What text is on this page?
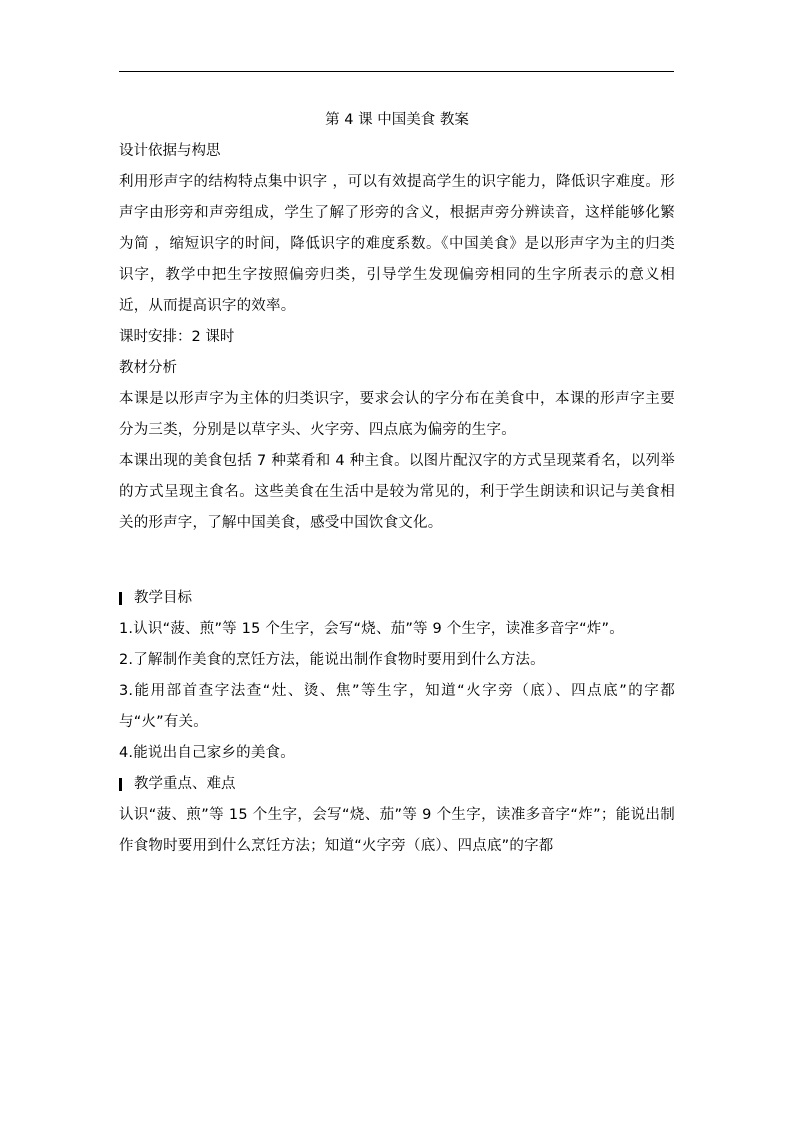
第 4 课 中国美食 教案

设计依据与构思

利用形声字的结构特点集中识字 ，可以有效提高学生的识字能力，降低识字难度。形声字由形旁和声旁组成，学生了解了形旁的含义，根据声旁分辨读音，这样能够化繁为简 ，缩短识字的时间，降低识字的难度系数。《中国美食》是以形声字为主的归类识字，教学中把生字按照偏旁归类，引导学生发现偏旁相同的生字所表示的意义相近，从而提高识字的效率。

课时安排：2 课时

教材分析

本课是以形声字为主体的归类识字，要求会认的字分布在美食中，本课的形声字主要分为三类，分别是以草字头、火字旁、四点底为偏旁的生字。

本课出现的美食包括 7 种菜肴和 4 种主食。以图片配汉字的方式呈现菜肴名，以列举的方式呈现主食名。这些美食在生活中是较为常见的，利于学生朗读和识记与美食相关的形声字，了解中国美食，感受中国饮食文化。

教学目标

1.认识“菠、煎”等 15 个生字，会写“烧、茄”等 9 个生字，读准多音字“炸”。

2.了解制作美食的烹饪方法，能说出制作食物时要用到什么方法。

3.能用部首查字法查“灶、烫、焦”等生字，知道“火字旁（底）、四点底”的字都与“火”有关。

4.能说出自己家乡的美食。

教学重点、难点

认识“菠、煎”等 15 个生字，会写“烧、茄”等 9 个生字，读准多音字“炸”；能说出制作食物时要用到什么烹饪方法；知道“火字旁（底）、四点底”的字都
